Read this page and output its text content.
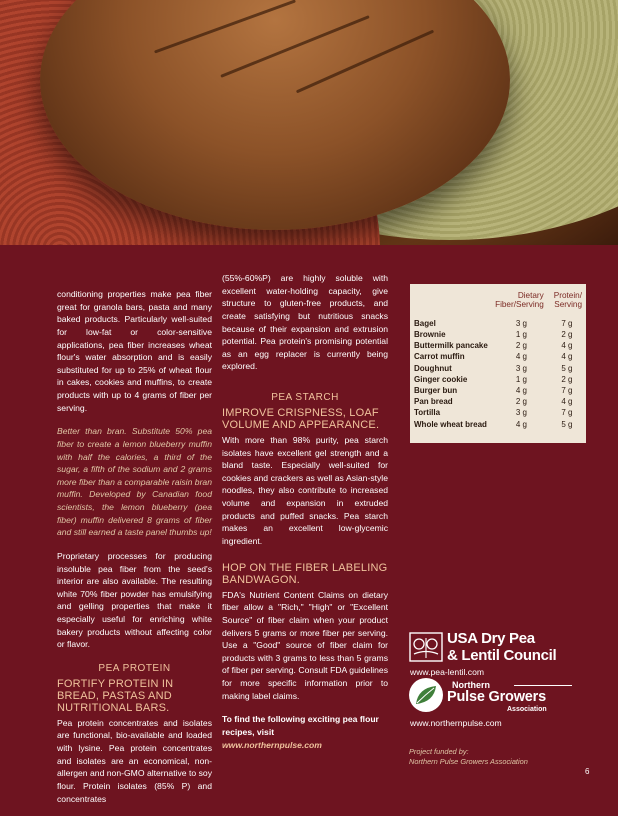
conditioning properties make pea fiber great for granola bars, pasta and many baked products. Particularly well-suited for low-fat or color-sensitive applications, pea fiber increases wheat flour's water absorption and is easily substituted for up to 25% of wheat flour in cakes, cookies and muffins, to create products with up to 4 grams of fiber per serving.

Better than bran. Substitute 50% pea fiber to create a lemon blueberry muffin with half the calories, a third of the sugar, a fifth of the sodium and 2 grams more fiber than a comparable raisin bran muffin. Developed by Canadian food scientists, the lemon blueberry (pea fiber) muffin delivered 8 grams of fiber and still earned a taste panel thumbs up!

Proprietary processes for producing insoluble pea fiber from the seed's interior are also available. The resulting white 70% fiber powder has emulsifying and gelling properties that make it especially useful for enriching white bakery products without affecting color or flavor.

PEA PROTEIN
FORTIFY PROTEIN IN BREAD, PASTAS AND NUTRITIONAL BARS.

Pea protein concentrates and isolates are functional, bio-available and loaded with lysine. Pea protein concentrates and isolates are an economical, non-allergen and non-GMO alternative to soy flour. Protein isolates (85% P) and concentrates

(55%-60%P) are highly soluble with excellent water-holding capacity, give structure to gluten-free products, and create satisfying but nutritious snacks because of their expansion and extrusion potential. Pea protein's promising potential as an egg replacer is currently being explored.

PEA STARCH
IMPROVE CRISPNESS, LOAF VOLUME AND APPEARANCE.

With more than 98% purity, pea starch isolates have excellent gel strength and a bland taste. Especially well-suited for cookies and crackers as well as Asian-style noodles, they also contribute to increased volume and expansion in extruded products and puffed snacks. Pea starch makes an excellent low-glycemic ingredient.

HOP ON THE FIBER LABELING BANDWAGON.

FDA's Nutrient Content Claims on dietary fiber allow a "Rich," "High" or "Excellent Source" of fiber claim when your product delivers 5 grams or more fiber per serving. Use a "Good" source of fiber claim for products with 3 grams to less than 5 grams of fiber per serving. Consult FDA guidelines for more specific information prior to making label claims.

To find the following exciting pea flour recipes, visit
www.northernpulse.com
	Dietary Fiber/Serving	Protein/ Serving
Bagel	3 g	7 g
Brownie	1 g	2 g
Buttermilk pancake	2 g	4 g
Carrot muffin	4 g	4 g
Doughnut	3 g	5 g
Ginger cookie	1 g	2 g
Burger bun	4 g	7 g
Pan bread	2 g	4 g
Tortilla	3 g	7 g
Whole wheat bread	4 g	5 g
USA Dry Pea
& Lentil Council
www.pea-lentil.com
Northern
Pulse Growers
Association
www.northernpulse.com
Project funded by:
Northern Pulse Growers Association
6
